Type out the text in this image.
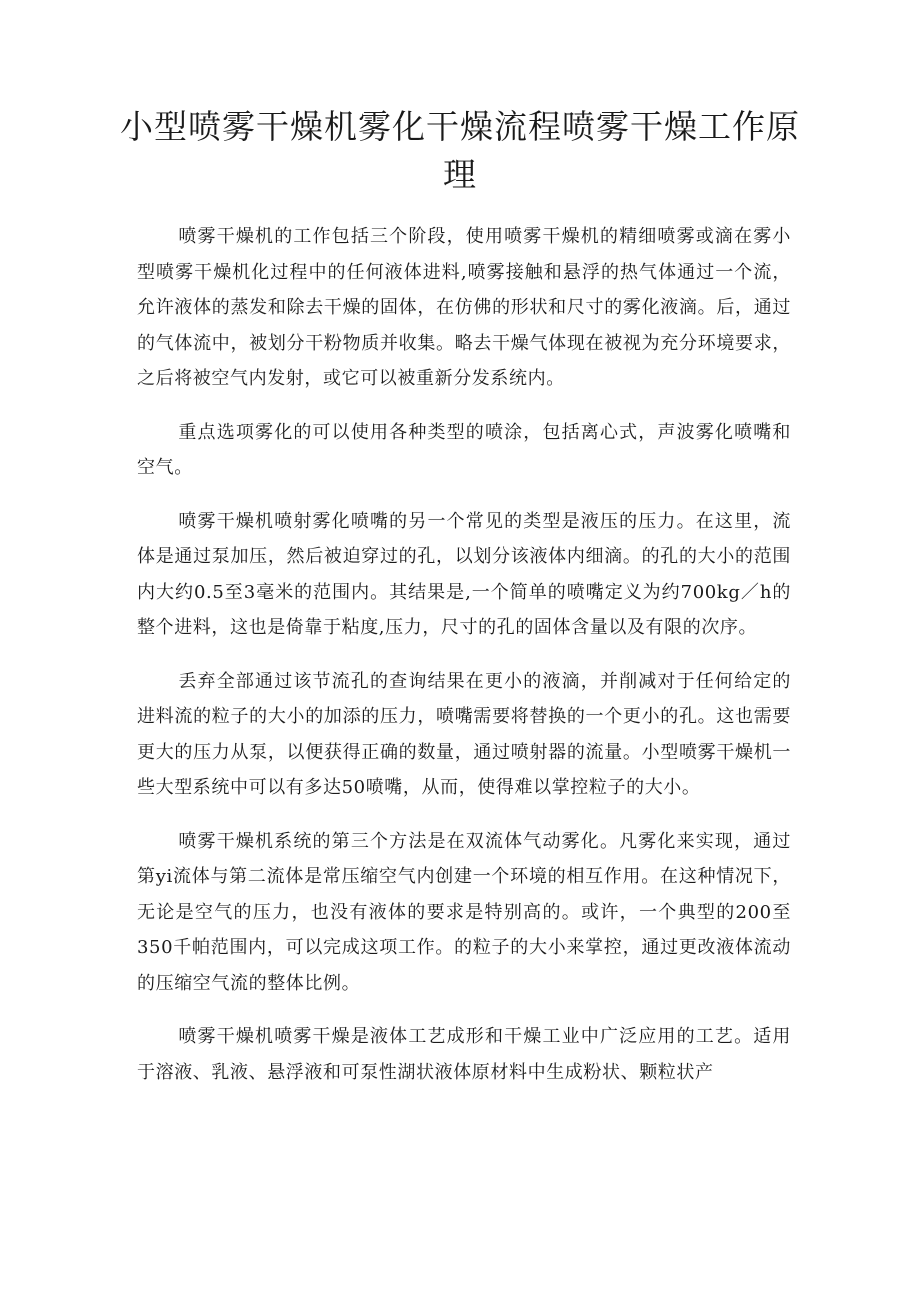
小型喷雾干燥机雾化干燥流程喷雾干燥工作原理

喷雾干燥机的工作包括三个阶段，使用喷雾干燥机的精细喷雾或滴在雾小型喷雾干燥机化过程中的任何液体进料,喷雾接触和悬浮的热气体通过一个流，允许液体的蒸发和除去干燥的固体，在仿佛的形状和尺寸的雾化液滴。后，通过的气体流中，被划分干粉物质并收集。略去干燥气体现在被视为充分环境要求，之后将被空气内发射，或它可以被重新分发系统内。

重点选项雾化的可以使用各种类型的喷涂，包括离心式，声波雾化喷嘴和空气。

喷雾干燥机喷射雾化喷嘴的另一个常见的类型是液压的压力。在这里，流体是通过泵加压，然后被迫穿过的孔，以划分该液体内细滴。的孔的大小的范围内大约0.5至3毫米的范围内。其结果是,一个简单的喷嘴定义为约700kg／h的整个进料，这也是倚靠于粘度,压力，尺寸的孔的固体含量以及有限的次序。

丢弃全部通过该节流孔的查询结果在更小的液滴，并削减对于任何给定的进料流的粒子的大小的加添的压力，喷嘴需要将替换的一个更小的孔。这也需要更大的压力从泵，以便获得正确的数量，通过喷射器的流量。小型喷雾干燥机一些大型系统中可以有多达50喷嘴，从而，使得难以掌控粒子的大小。

喷雾干燥机系统的第三个方法是在双流体气动雾化。凡雾化来实现，通过第yi流体与第二流体是常压缩空气内创建一个环境的相互作用。在这种情况下，无论是空气的压力，也没有液体的要求是特别高的。或许，一个典型的200至350千帕范围内，可以完成这项工作。的粒子的大小来掌控，通过更改液体流动的压缩空气流的整体比例。

喷雾干燥机喷雾干燥是液体工艺成形和干燥工业中广泛应用的工艺。适用于溶液、乳液、悬浮液和可泵性湖状液体原材料中生成粉状、颗粒状产
